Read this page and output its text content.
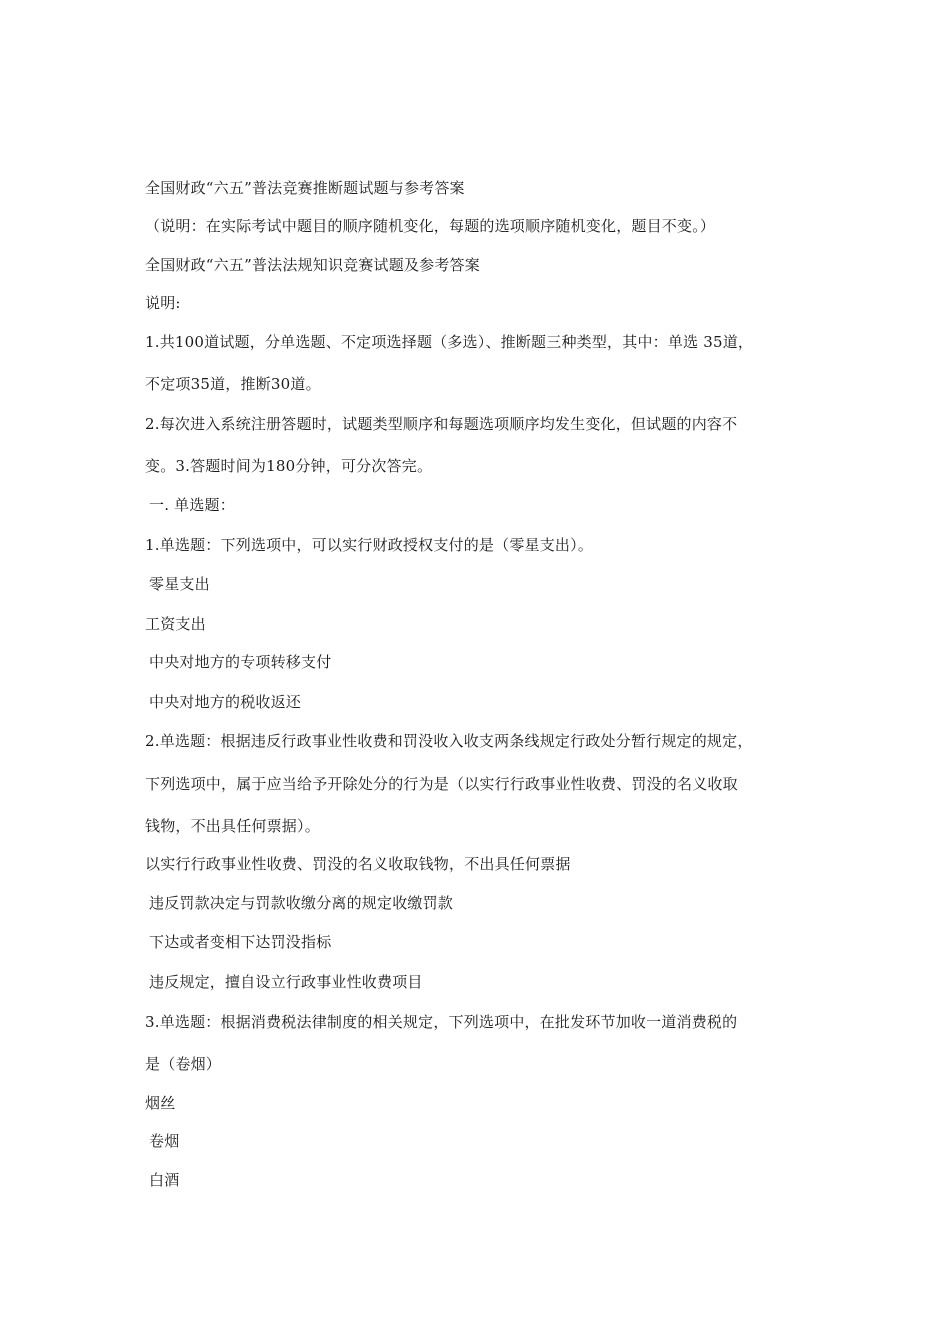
全国财政“六五”普法竞赛推断题试题与参考答案
（说明：在实际考试中题目的顺序随机变化，每题的选项顺序随机变化，题目不变。）
全国财政“六五”普法法规知识竞赛试题及参考答案
说明:
1.共100道试题，分单选题、不定项选择题（多选）、推断题三种类型，其中：单选 35道，
不定项35道，推断30道。
2.每次进入系统注册答题时，试题类型顺序和每题选项顺序均发生变化，但试题的内容不
变。3.答题时间为180分钟，可分次答完。
一. 单选题：
1.单选题：下列选项中，可以实行财政授权支付的是（零星支出）。
零星支出
工资支出
中央对地方的专项转移支付
中央对地方的税收返还
2.单选题：根据违反行政事业性收费和罚没收入收支两条线规定行政处分暂行规定的规定，
下列选项中，属于应当给予开除处分的行为是（以实行行政事业性收费、罚没的名义收取
钱物，不出具任何票据）。
以实行行政事业性收费、罚没的名义收取钱物，不出具任何票据
违反罚款决定与罚款收缴分离的规定收缴罚款
下达或者变相下达罚没指标
违反规定，擅自设立行政事业性收费项目
3.单选题：根据消费税法律制度的相关规定，下列选项中，在批发环节加收一道消费税的
是（卷烟）
烟丝
卷烟
白酒
